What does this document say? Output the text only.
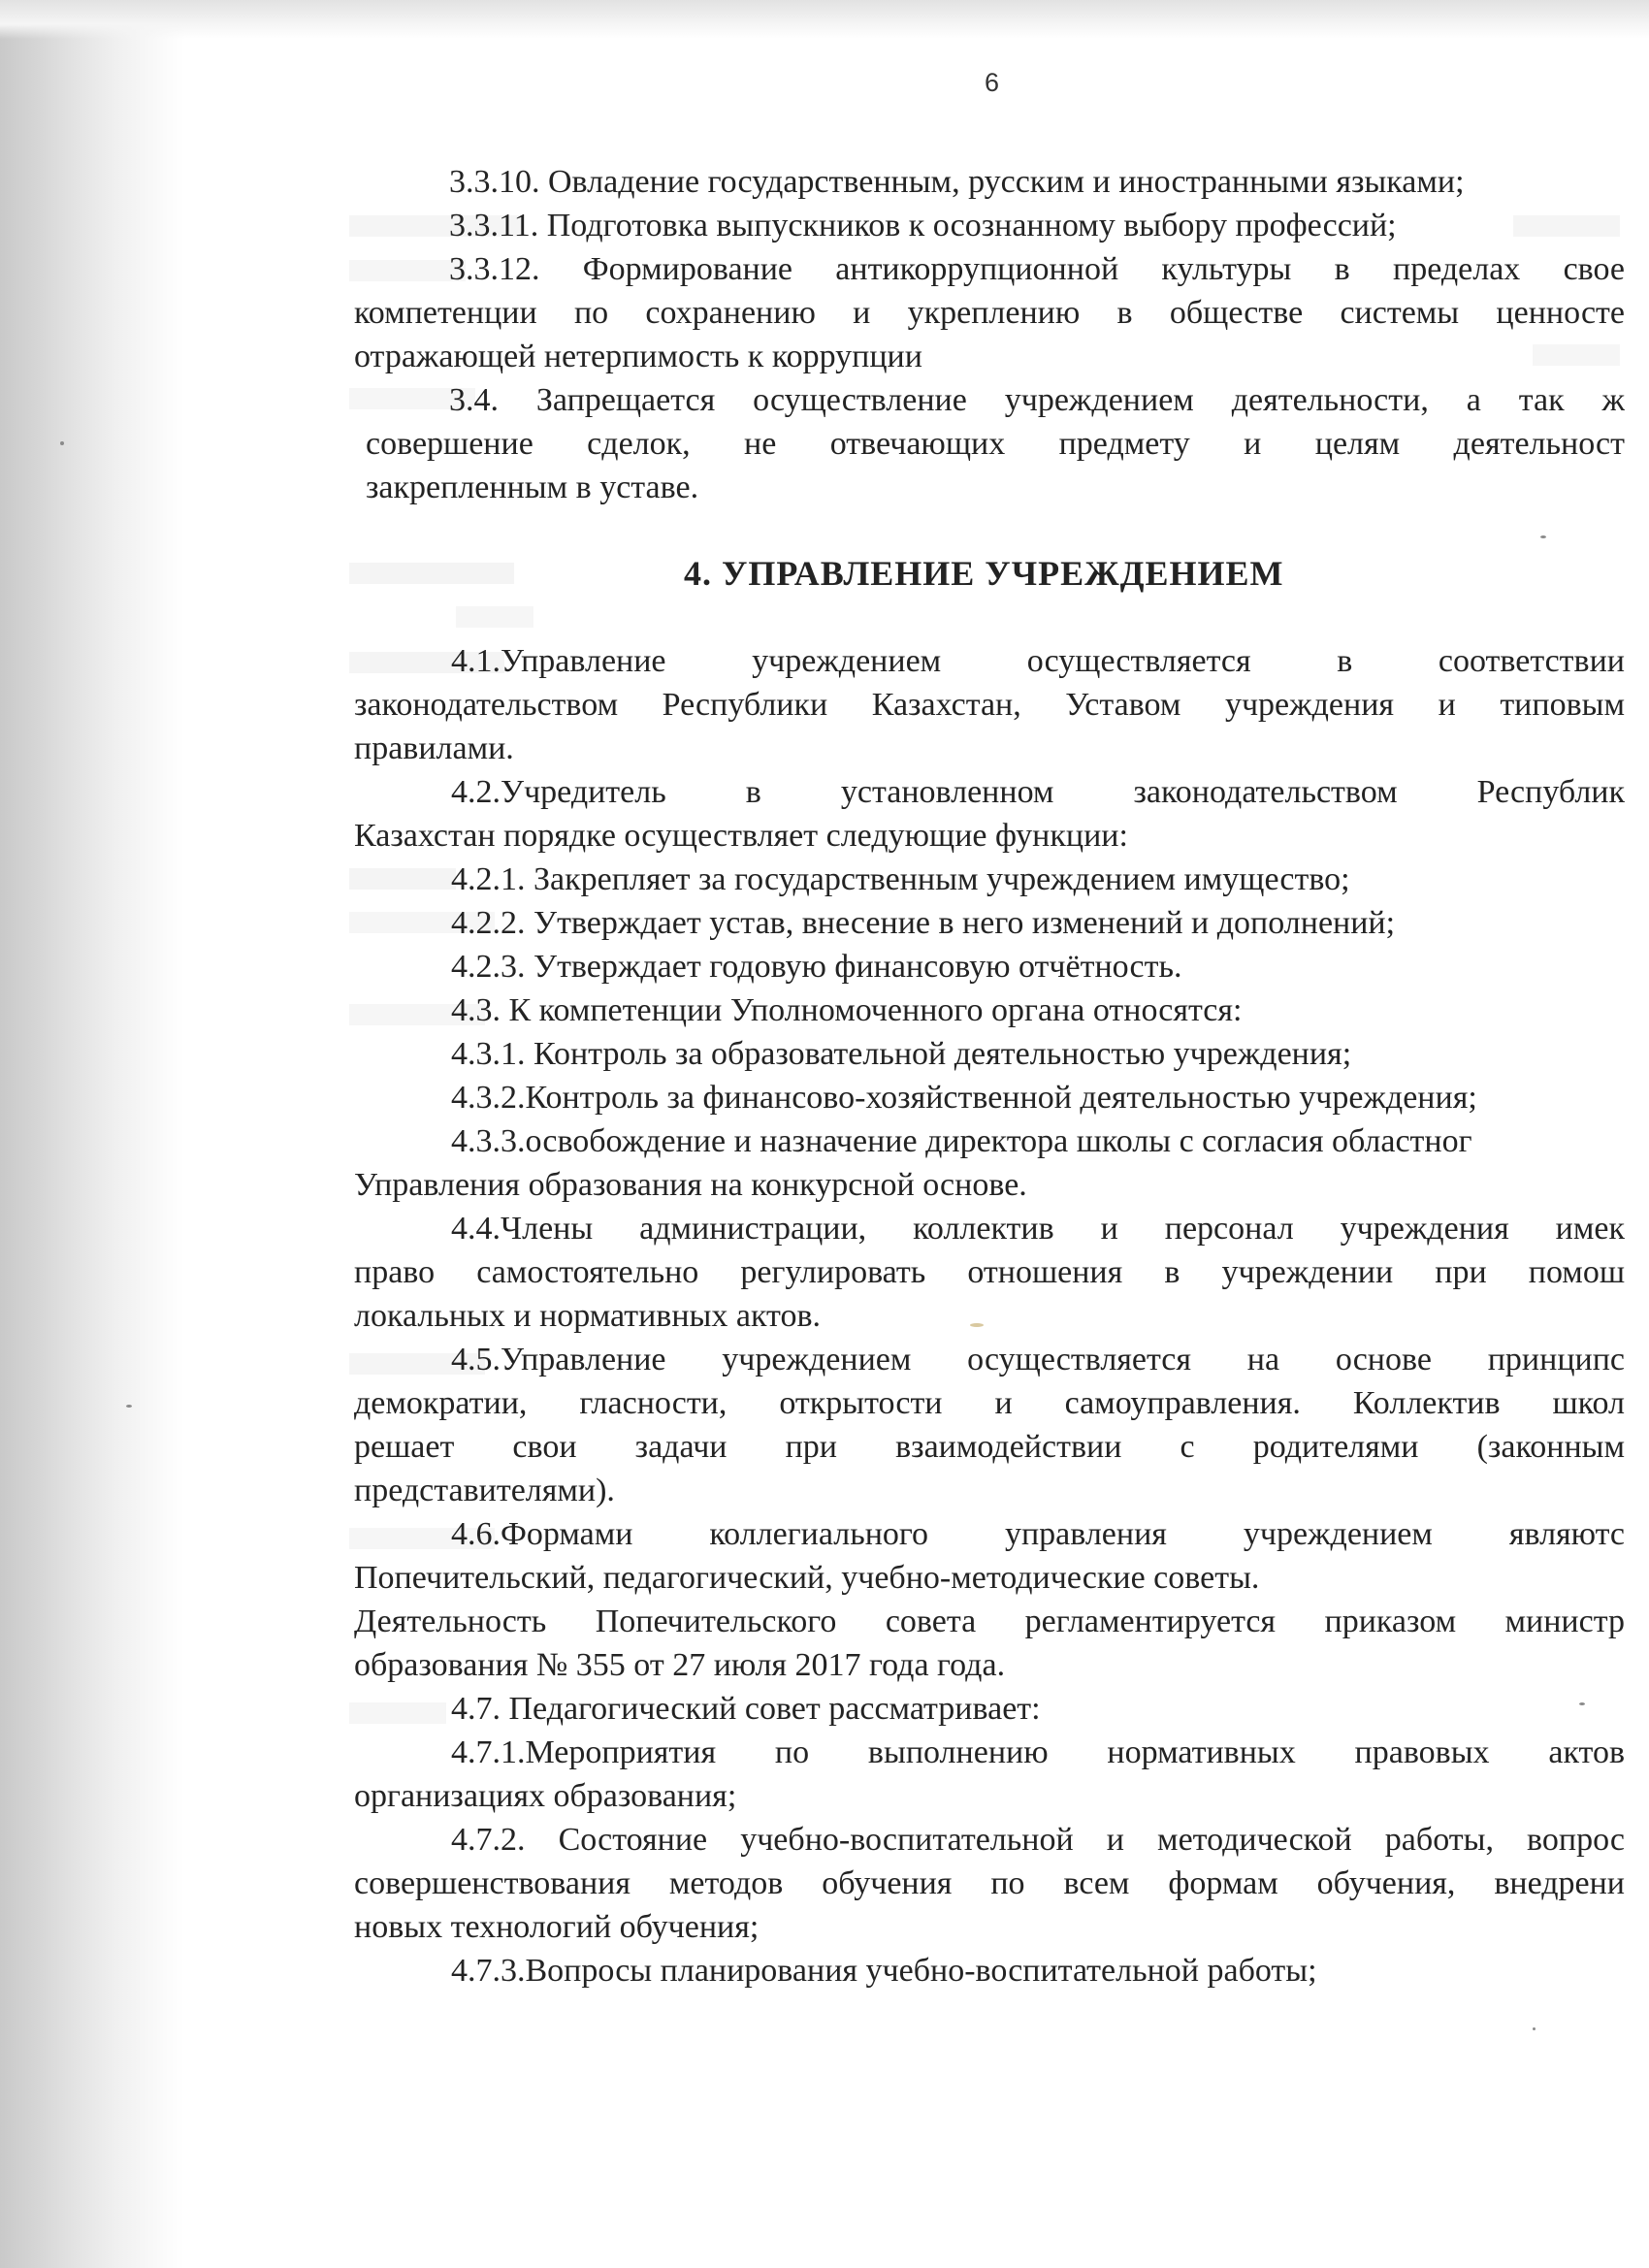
6
3.3.10. Овладение государственным, русским и иностранными языками;
3.3.11. Подготовка выпускников к осознанному выбору профессий;
3.3.12. Формирование антикоррупционной культуры в пределах свое
компетенции по сохранению и укреплению в обществе системы ценносте
отражающей нетерпимость к коррупции
3.4. Запрещается осуществление учреждением деятельности, а так ж
совершение сделок, не отвечающих предмету и целям деятельност
закрепленным в уставе.
4.1.Управление учреждением осуществляется в соответствии
законодательством Республики Казахстан, Уставом учреждения и типовым
правилами.
4.2.Учредитель в установленном законодательством Республик
Казахстан порядке осуществляет следующие функции:
4.2.1. Закрепляет за государственным учреждением имущество;
4.2.2. Утверждает устав, внесение в него изменений и дополнений;
4.2.3. Утверждает годовую финансовую отчётность.
4.3. К компетенции Уполномоченного органа относятся:
4.3.1. Контроль за образовательной деятельностью учреждения;
4.3.2.Контроль за финансово-хозяйственной деятельностью учреждения;
4.3.3.освобождение и назначение директора школы с согласия областног
Управления образования на конкурсной основе.
4.4.Члены администрации, коллектив и персонал учреждения имек
право самостоятельно регулировать отношения в учреждении при помош
локальных и нормативных актов.
4.5.Управление учреждением осуществляется на основе принципс
демократии, гласности, открытости и самоуправления. Коллектив школ
решает свои задачи при взаимодействии с родителями (законным
представителями).
4.6.Формами коллегиального управления учреждением являютс
Попечительский, педагогический, учебно-методические советы.
Деятельность Попечительского совета регламентируется приказом министр
образования № 355 от 27 июля 2017 года года.
4.7. Педагогический совет рассматривает:
4.7.1.Мероприятия по выполнению нормативных правовых актов
организациях образования;
4.7.2. Состояние учебно-воспитательной и методической работы, вопрос
совершенствования методов обучения по всем формам обучения, внедрени
новых технологий обучения;
4.7.3.Вопросы планирования учебно-воспитательной работы;
4. УПРАВЛЕНИЕ УЧРЕЖДЕНИЕМ
